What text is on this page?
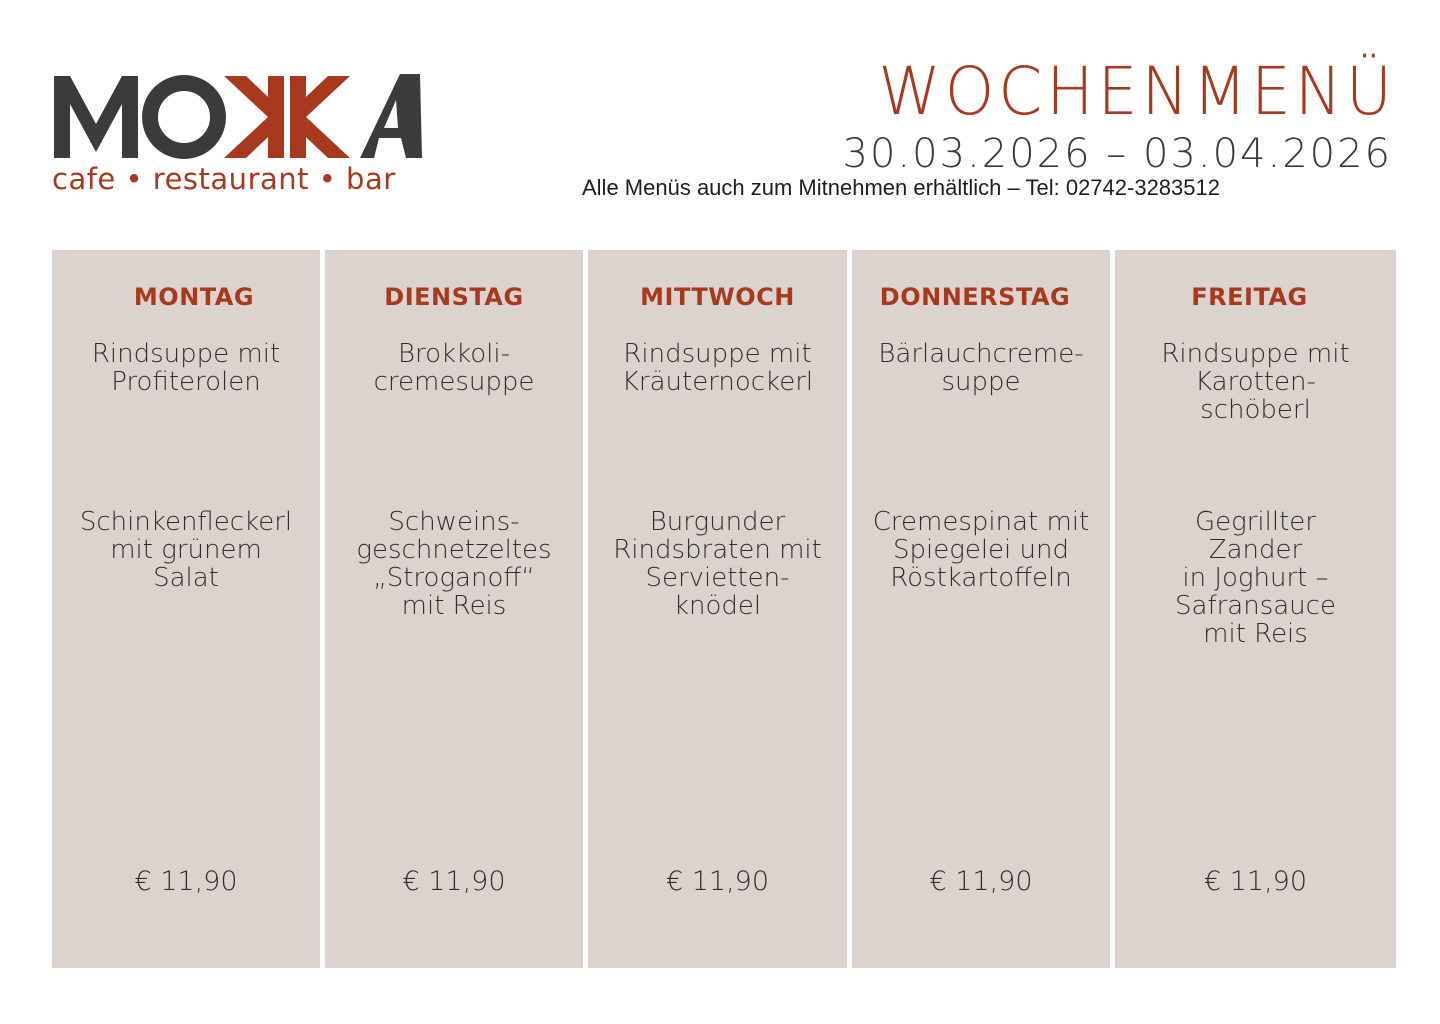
cafe • restaurant • bar
WOCHENMENÜ
30.03.2026 – 03.04.2026
Alle Menüs auch zum Mitnehmen erhältlich – Tel: 02742-3283512
MONTAG
Rindsuppe mit
Profiterolen
Schinkenfleckerl
mit grünem
Salat
€ 11,90
DIENSTAG
Brokkoli-
cremesuppe
Schweins-
geschnetzeltes
„Stroganoff“
mit Reis
€ 11,90
MITTWOCH
Rindsuppe mit
Kräuternockerl
Burgunder
Rindsbraten mit
Servietten-
knödel
€ 11,90
DONNERSTAG
Bärlauchcreme-
suppe
Cremespinat mit
Spiegelei und
Röstkartoffeln
€ 11,90
FREITAG
Rindsuppe mit
Karotten-
schöberl
Gegrillter
Zander
in Joghurt –
Safransauce
mit Reis
€ 11,90
